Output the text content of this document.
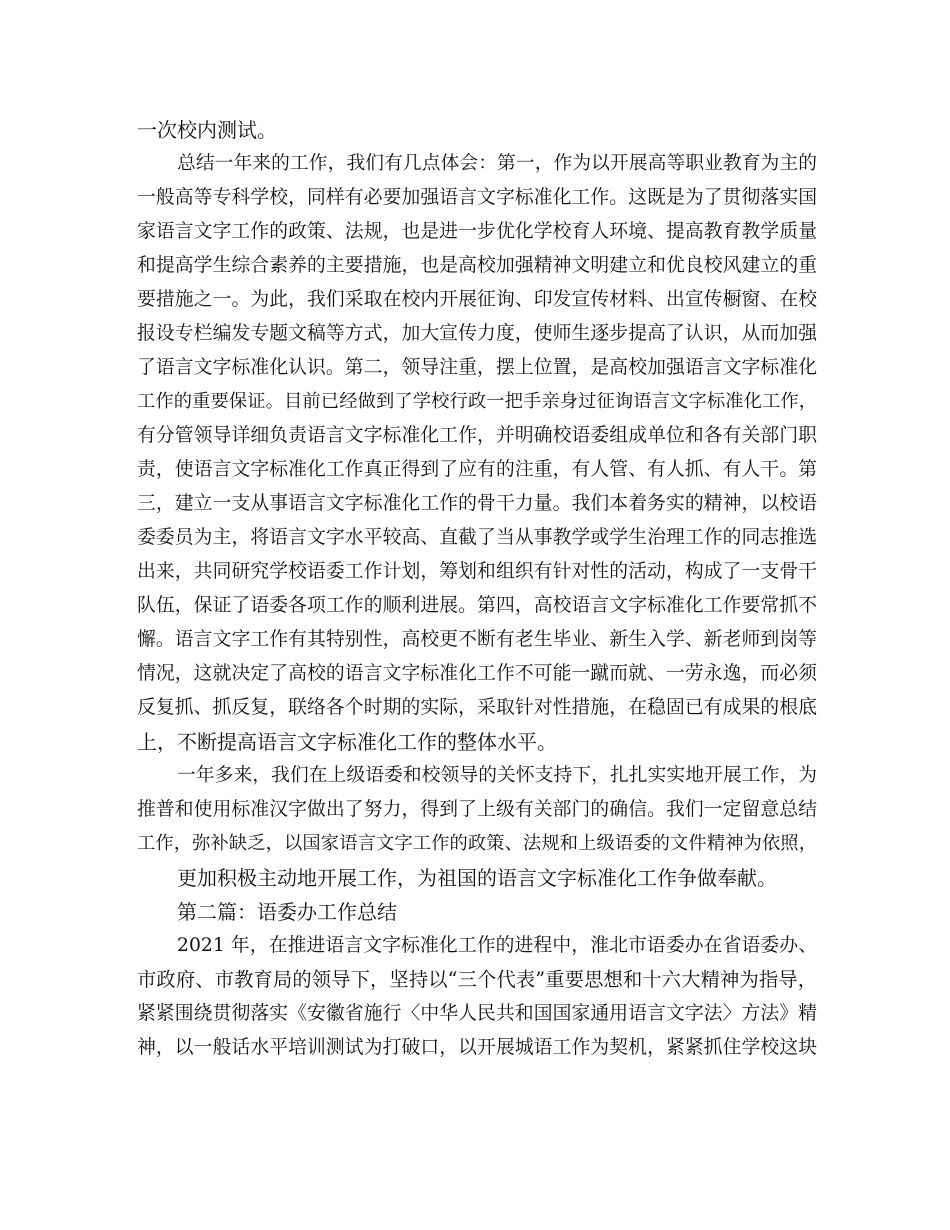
一次校内测试。
总结一年来的工作，我们有几点体会：第一，作为以开展高等职业教育为主的
一般高等专科学校，同样有必要加强语言文字标准化工作。这既是为了贯彻落实国
家语言文字工作的政策、法规，也是进一步优化学校育人环境、提高教育教学质量
和提高学生综合素养的主要措施，也是高校加强精神文明建立和优良校风建立的重
要措施之一。为此，我们采取在校内开展征询、印发宣传材料、出宣传橱窗、在校
报设专栏编发专题文稿等方式，加大宣传力度，使师生逐步提高了认识，从而加强
了语言文字标准化认识。第二，领导注重，摆上位置，是高校加强语言文字标准化
工作的重要保证。目前已经做到了学校行政一把手亲身过征询语言文字标准化工作，
有分管领导详细负责语言文字标准化工作，并明确校语委组成单位和各有关部门职
责，使语言文字标准化工作真正得到了应有的注重，有人管、有人抓、有人干。第
三，建立一支从事语言文字标准化工作的骨干力量。我们本着务实的精神，以校语
委委员为主，将语言文字水平较高、直截了当从事教学或学生治理工作的同志推选
出来，共同研究学校语委工作计划，筹划和组织有针对性的活动，构成了一支骨干
队伍，保证了语委各项工作的顺利进展。第四，高校语言文字标准化工作要常抓不
懈。语言文字工作有其特别性，高校更不断有老生毕业、新生入学、新老师到岗等
情况，这就决定了高校的语言文字标准化工作不可能一蹴而就、一劳永逸，而必须
反复抓、抓反复，联络各个时期的实际，采取针对性措施，在稳固已有成果的根底
上，不断提高语言文字标准化工作的整体水平。
一年多来，我们在上级语委和校领导的关怀支持下，扎扎实实地开展工作，为
推普和使用标准汉字做出了努力，得到了上级有关部门的确信。我们一定留意总结
工作，弥补缺乏，以国家语言文字工作的政策、法规和上级语委的文件精神为依照，
更加积极主动地开展工作，为祖国的语言文字标准化工作争做奉献。
第二篇：语委办工作总结
2021 年，在推进语言文字标准化工作的进程中，淮北市语委办在省语委办、
市政府、市教育局的领导下，坚持以“三个代表”重要思想和十六大精神为指导，
紧紧围绕贯彻落实《安徽省施行〈中华人民共和国国家通用语言文字法〉方法》精
神，以一般话水平培训测试为打破口，以开展城语工作为契机，紧紧抓住学校这块
